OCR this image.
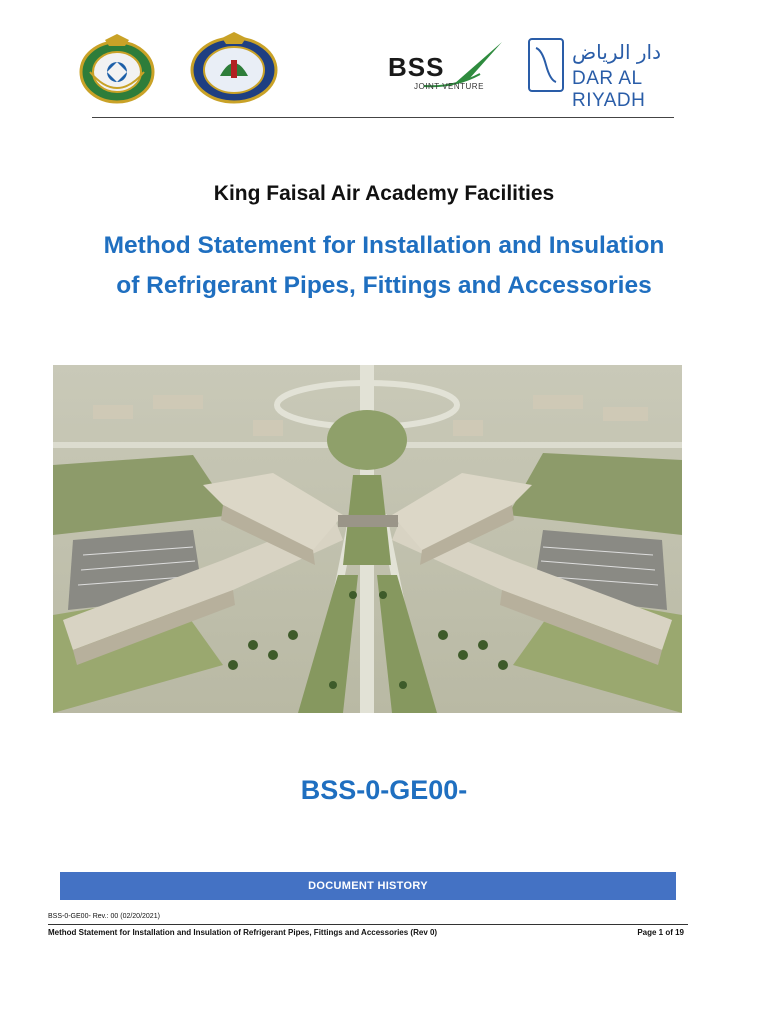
BSS
JOINT VENTURE
دار الرياض
DAR AL RIYADH
King Faisal Air Academy Facilities
Method Statement for Installation and Insulation
of Refrigerant Pipes, Fittings and Accessories
BSS-0-GE00-
DOCUMENT HISTORY
BSS-0-GE00- Rev.: 00 (02/20/2021)
Method Statement for Installation and Insulation of Refrigerant Pipes, Fittings and Accessories (Rev 0)	Page 1 of 19
